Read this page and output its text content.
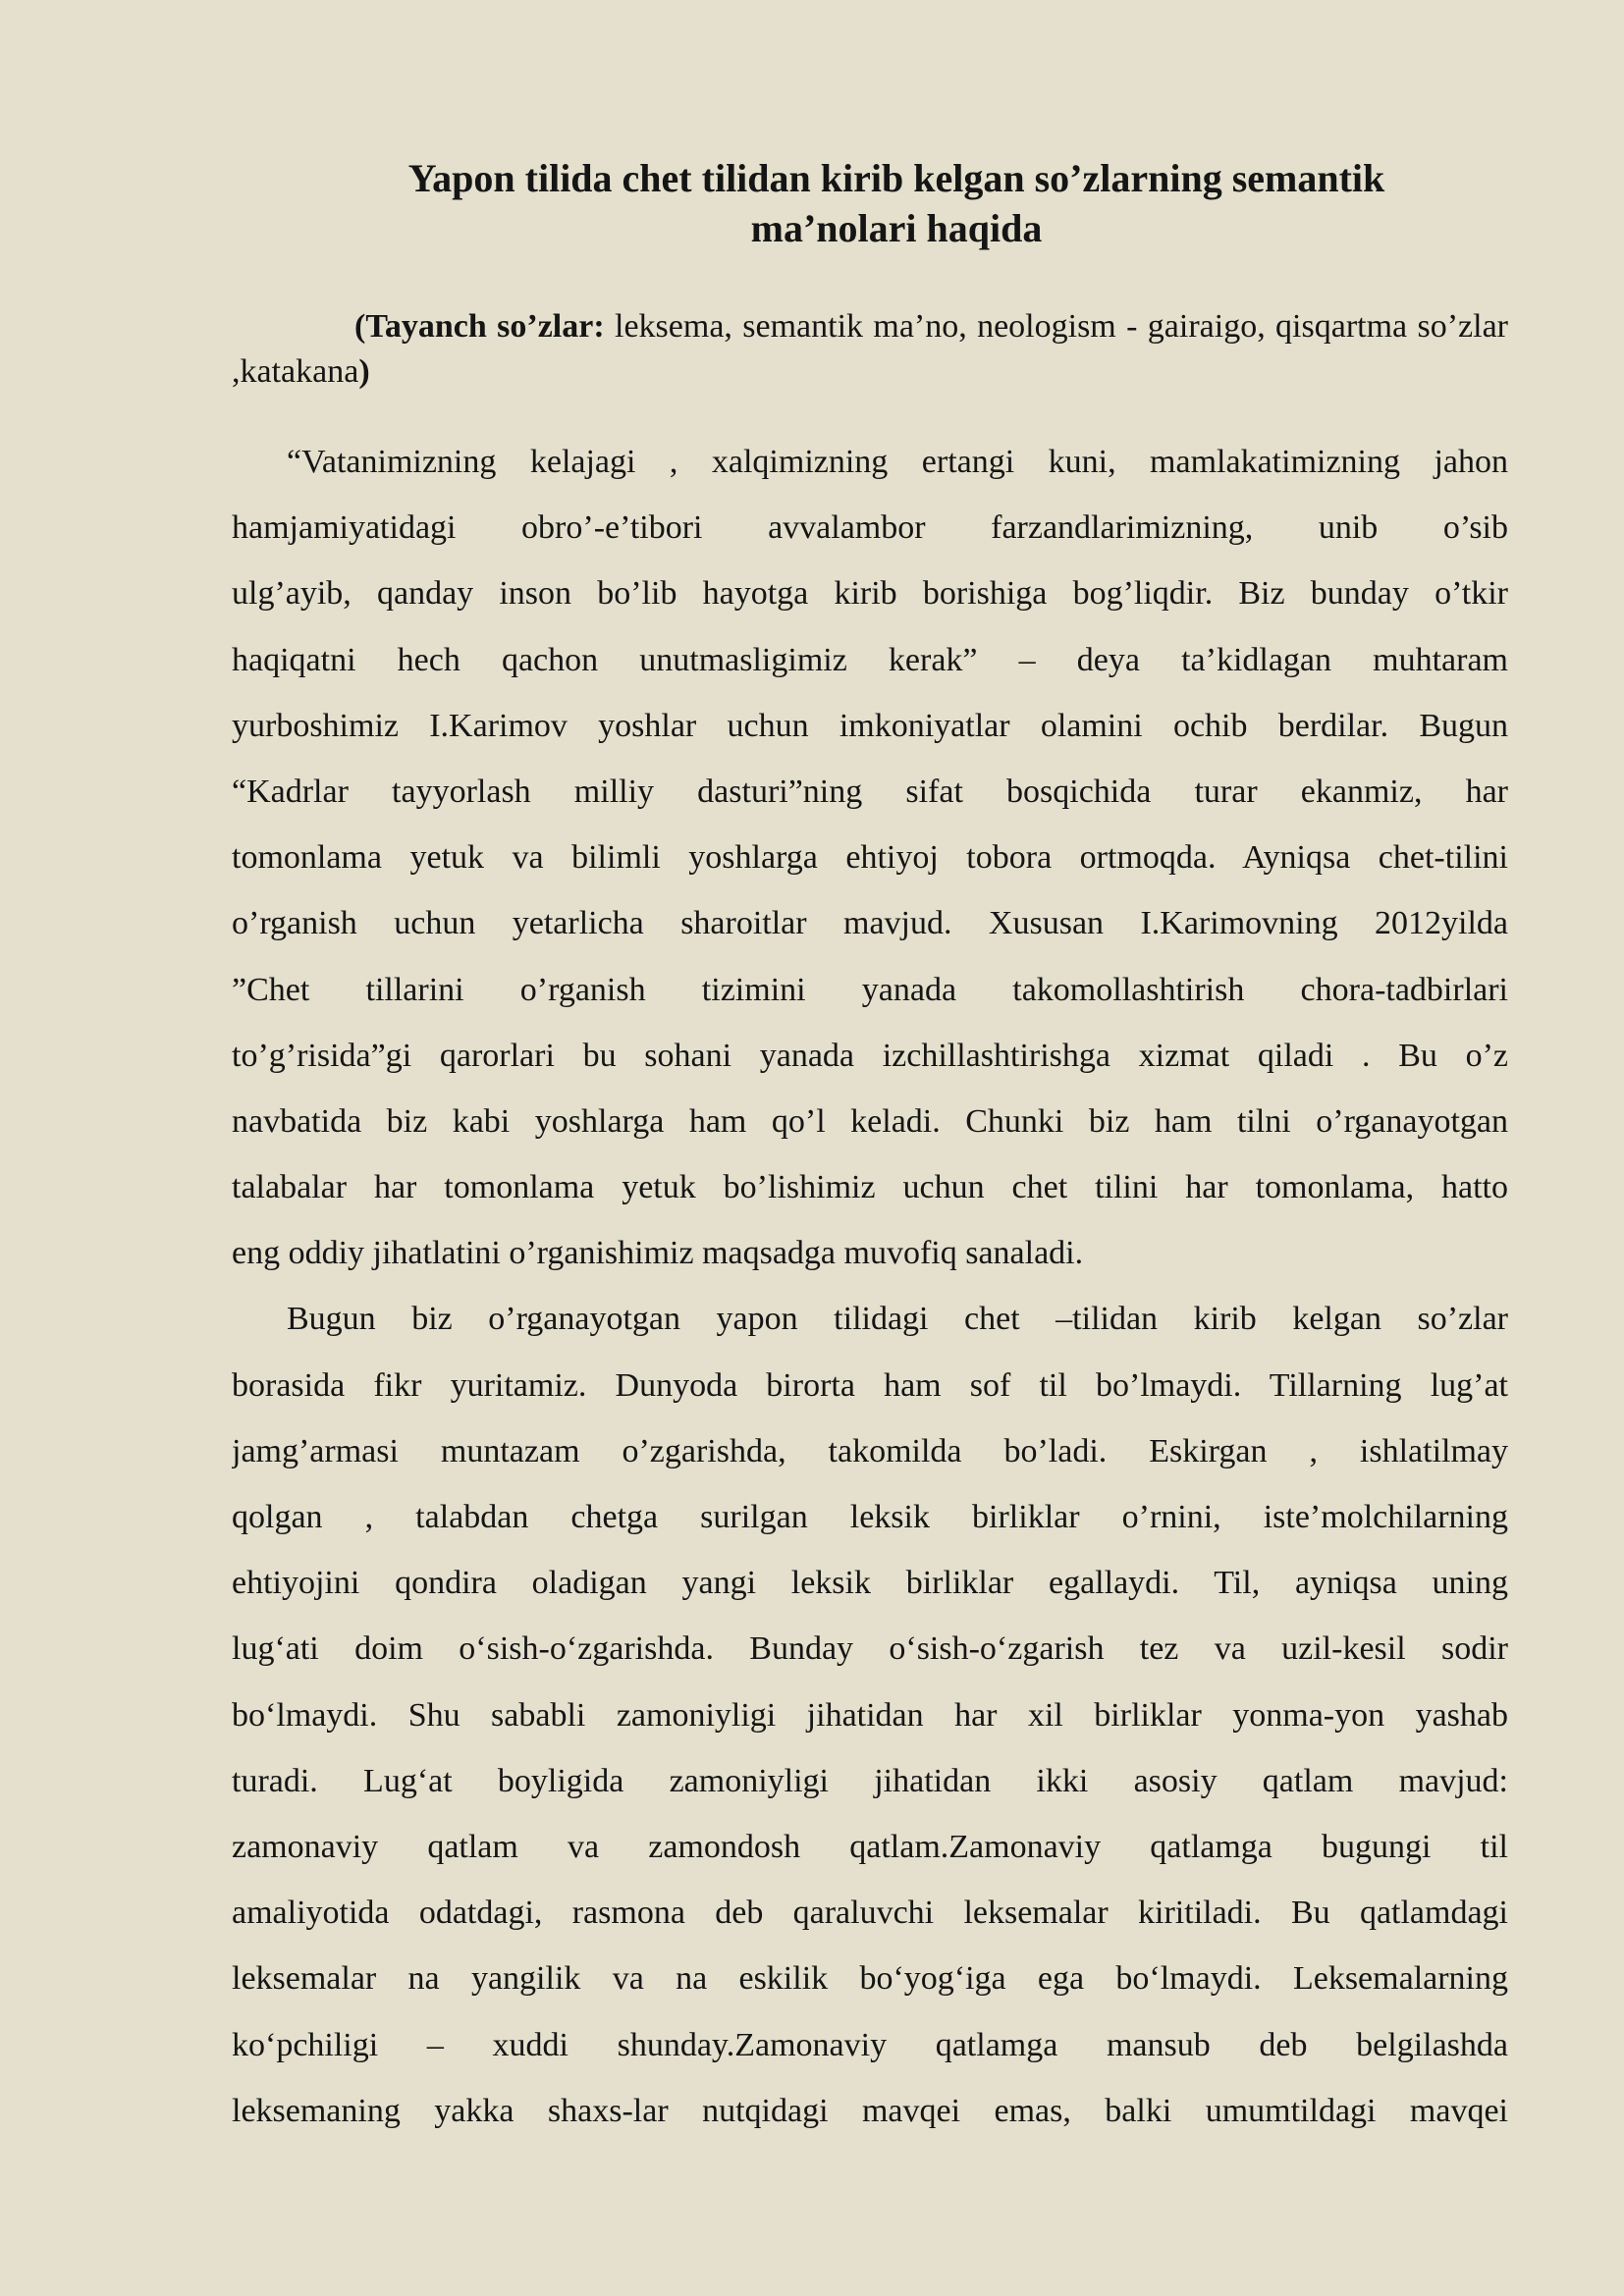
Yapon tilida chet tilidan kirib kelgan so’zlarning semantik
ma’nolari haqida

(Tayanch so’zlar: leksema, semantik ma’no, neologism - gairaigo, qisqartma so’zlar ,katakana)

“Vatanimizning kelajagi , xalqimizning ertangi kuni, mamlakatimizning jahon
hamjamiyatidagi obro’-e’tibori avvalambor farzandlarimizning, unib o’sib
ulg’ayib, qanday inson bo’lib hayotga kirib borishiga bog’liqdir. Biz bunday o’tkir
haqiqatni hech qachon unutmasligimiz kerak” – deya ta’kidlagan muhtaram
yurboshimiz I.Karimov yoshlar uchun imkoniyatlar olamini ochib berdilar. Bugun
“Kadrlar tayyorlash milliy dasturi”ning sifat bosqichida turar ekanmiz, har
tomonlama yetuk va bilimli yoshlarga ehtiyoj tobora ortmoqda. Ayniqsa chet-tilini
o’rganish uchun yetarlicha sharoitlar mavjud. Xususan I.Karimovning 2012yilda
”Chet tillarini o’rganish tizimini yanada takomollashtirish chora-tadbirlari
to’g’risida”gi qarorlari bu sohani yanada izchillashtirishga xizmat qiladi . Bu o’z
navbatida biz kabi yoshlarga ham qo’l keladi. Chunki biz ham tilni o’rganayotgan
talabalar har tomonlama yetuk bo’lishimiz uchun chet tilini har tomonlama, hatto
eng oddiy jihatlatini o’rganishimiz maqsadga muvofiq sanaladi.
Bugun biz o’rganayotgan yapon tilidagi chet –tilidan kirib kelgan so’zlar
borasida fikr yuritamiz. Dunyoda birorta ham sof til bo’lmaydi. Tillarning lug’at
jamg’armasi muntazam o’zgarishda, takomilda bo’ladi. Eskirgan , ishlatilmay
qolgan , talabdan chetga surilgan leksik birliklar o’rnini, iste’molchilarning
ehtiyojini qondira oladigan yangi leksik birliklar egallaydi. Til, ayniqsa uning
lug‘ati doim o‘sish-o‘zgarishda. Bunday o‘sish-o‘zgarish tez va uzil-kesil sodir
bo‘lmaydi. Shu sababli zamoniyligi jihatidan har xil birliklar yonma-yon yashab
turadi. Lug‘at boyligida zamoniyligi jihatidan ikki asosiy qatlam mavjud:
zamonaviy qatlam va zamondosh qatlam.Zamonaviy qatlamga bugungi til
amaliyotida odatdagi, rasmona deb qaraluvchi leksemalar kiritiladi. Bu qatlamdagi
leksemalar na yangilik va na eskilik bo‘yog‘iga ega bo‘lmaydi. Leksemalarning
ko‘pchiligi – xuddi shunday.Zamonaviy qatlamga mansub deb belgilashda
leksemaning yakka shaxs-lar nutqidagi mavqei emas, balki umumtildagi mavqei
